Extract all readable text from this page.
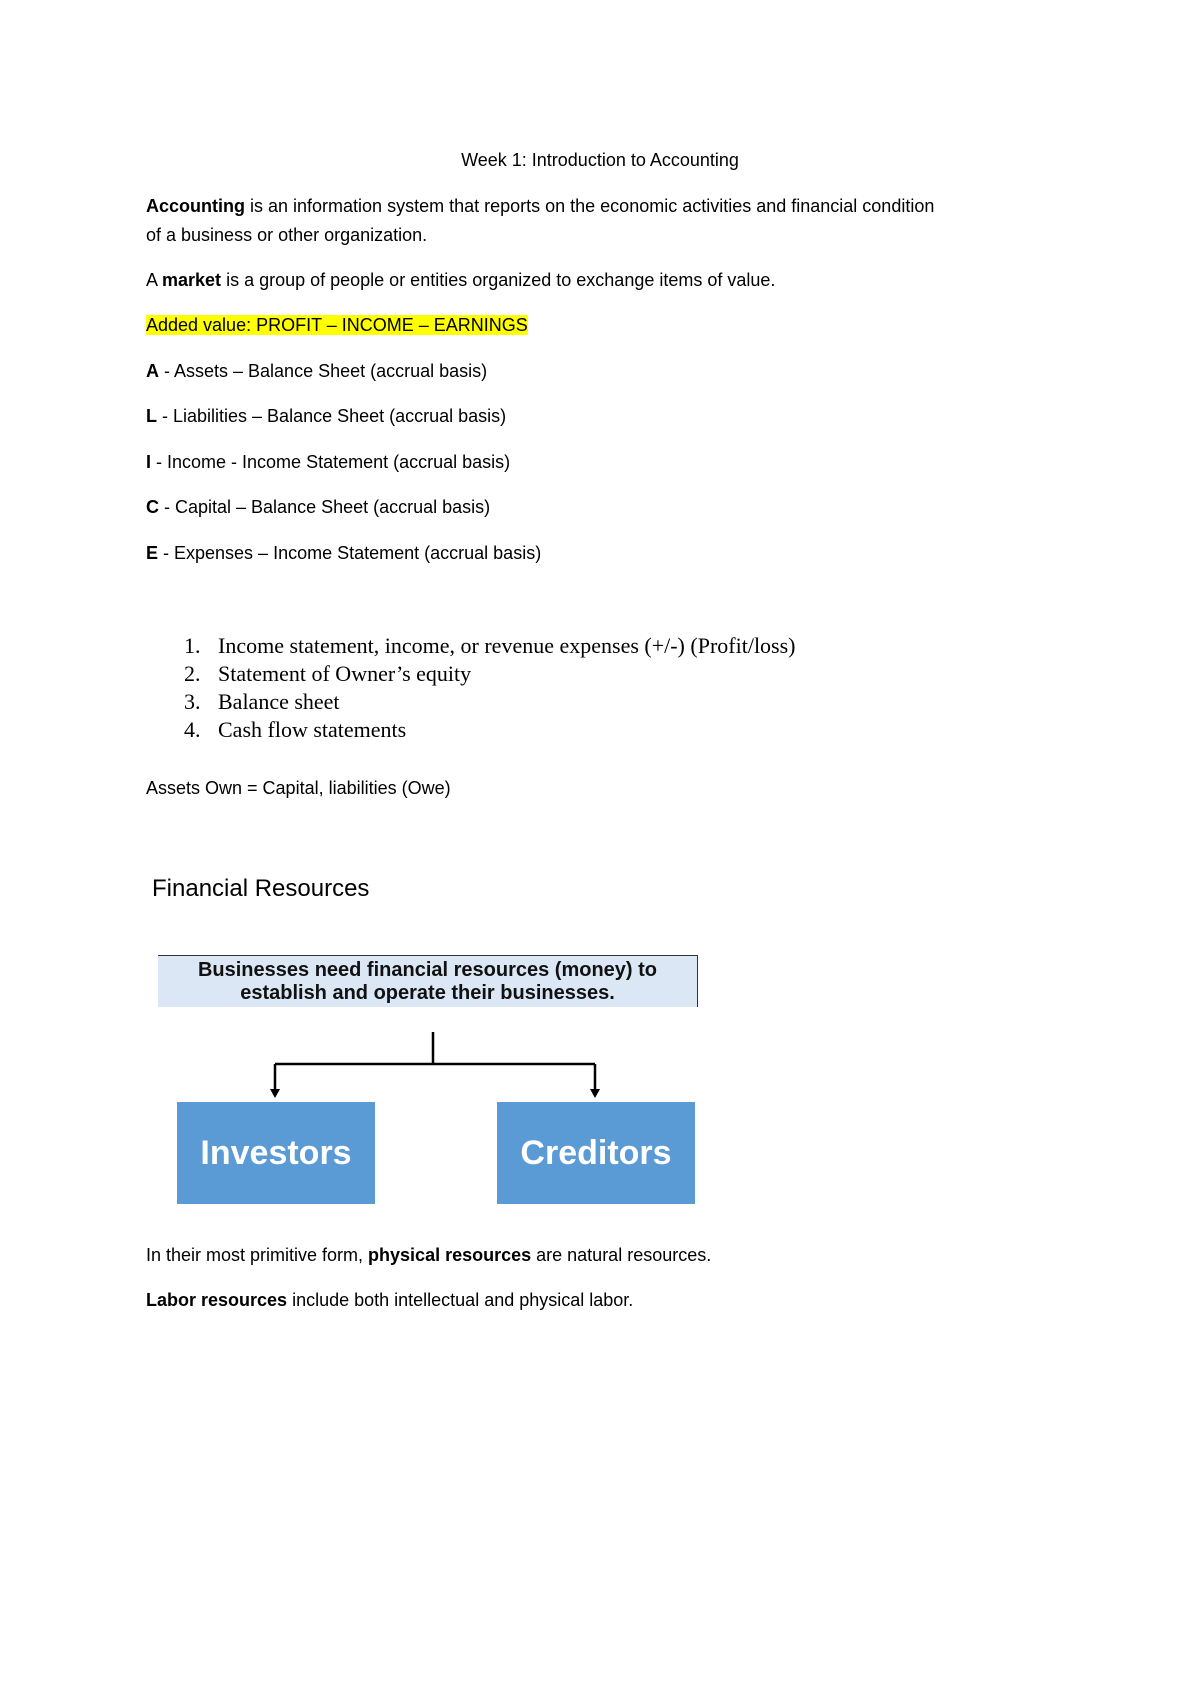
Week 1: Introduction to Accounting
Accounting is an information system that reports on the economic activities and financial condition
of a business or other organization.
A market is a group of people or entities organized to exchange items of value.
Added value: PROFIT – INCOME – EARNINGS
A - Assets – Balance Sheet (accrual basis)
L - Liabilities – Balance Sheet (accrual basis)
I - Income - Income Statement (accrual basis)
C - Capital – Balance Sheet (accrual basis)
E - Expenses – Income Statement (accrual basis)
1. Income statement, income, or revenue expenses (+/-) (Profit/loss)
2. Statement of Owner’s equity
3. Balance sheet
4. Cash flow statements
Assets Own = Capital, liabilities (Owe)
Financial Resources
Businesses need financial resources (money) to
establish and operate their businesses.
Investors	Creditors
In their most primitive form, physical resources are natural resources.
Labor resources include both intellectual and physical labor.
